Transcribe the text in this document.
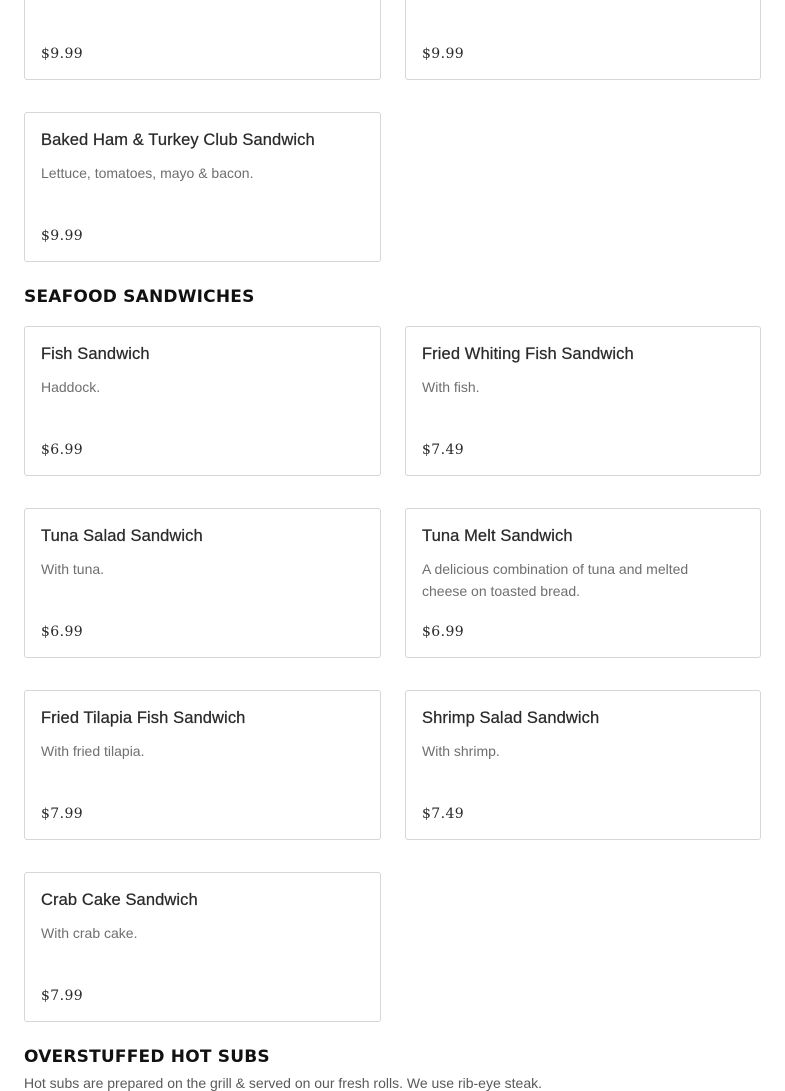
$9.99	$9.99
Baked Ham & Turkey Club Sandwich
Lettuce, tomatoes, mayo & bacon.
$9.99
SEAFOOD SANDWICHES
Fish Sandwich
Haddock.
$6.99
Fried Whiting Fish Sandwich
With fish.
$7.49
Tuna Salad Sandwich
With tuna.
$6.99
Tuna Melt Sandwich
A delicious combination of tuna and melted cheese on toasted bread.
$6.99
Fried Tilapia Fish Sandwich
With fried tilapia.
$7.99
Shrimp Salad Sandwich
With shrimp.
$7.49
Crab Cake Sandwich
With crab cake.
$7.99
OVERSTUFFED HOT SUBS

Hot subs are prepared on the grill & served on our fresh rolls. We use rib-eye steak.
